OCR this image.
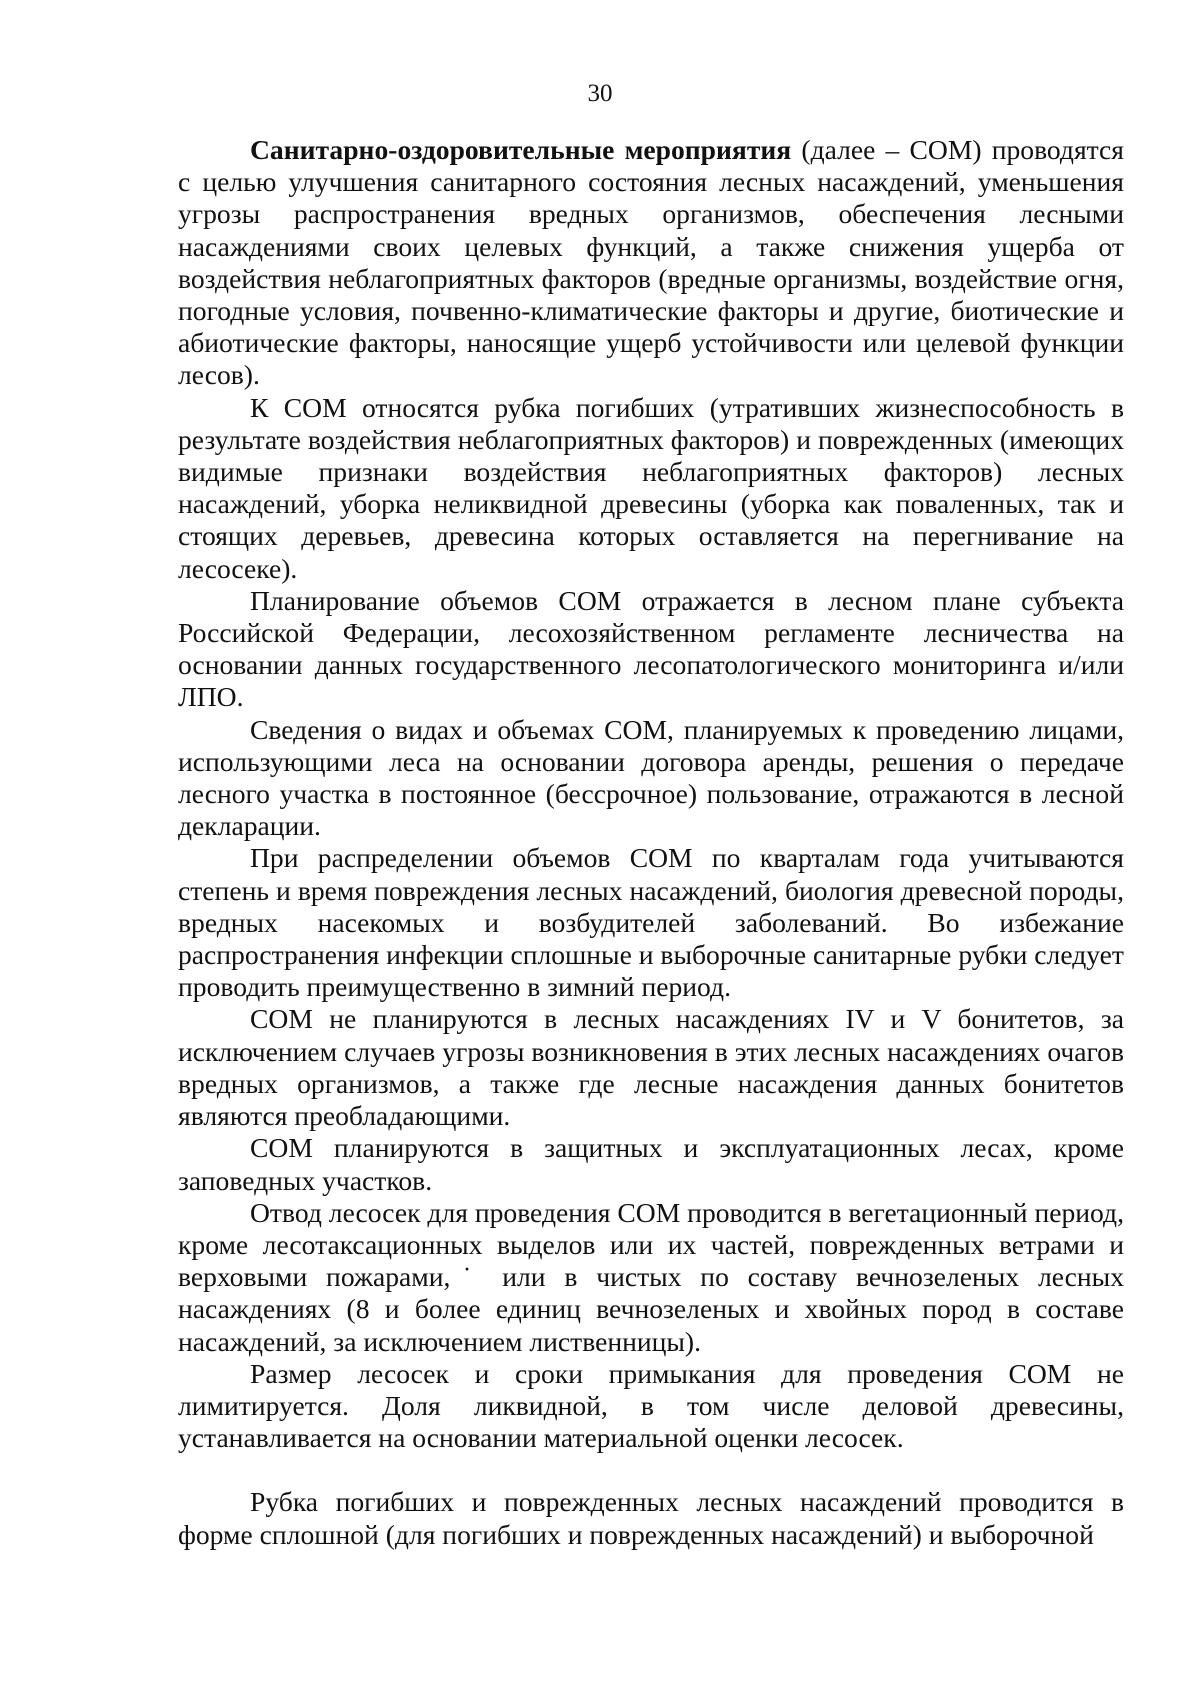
30

Санитарно-оздоровительные мероприятия (далее – СОМ) проводятся с целью улучшения санитарного состояния лесных насаждений, уменьшения угрозы распространения вредных организмов, обеспечения лесными насаждениями своих целевых функций, а также снижения ущерба от воздействия неблагоприятных факторов (вредные организмы, воздействие огня, погодные условия, почвенно-климатические факторы и другие, биотические и абиотические факторы, наносящие ущерб устойчивости или целевой функции лесов).

К СОМ относятся рубка погибших (утративших жизнеспособность в результате воздействия неблагоприятных факторов) и поврежденных (имеющих видимые признаки воздействия неблагоприятных факторов) лесных насаждений, уборка неликвидной древесины (уборка как поваленных, так и стоящих деревьев, древесина которых оставляется на перегнивание на лесосеке).

Планирование объемов СОМ отражается в лесном плане субъекта Российской Федерации, лесохозяйственном регламенте лесничества на основании данных государственного лесопатологического мониторинга и/или ЛПО.

Сведения о видах и объемах СОМ, планируемых к проведению лицами, использующими леса на основании договора аренды, решения о передаче лесного участка в постоянное (бессрочное) пользование, отражаются в лесной декларации.

При распределении объемов СОМ по кварталам года учитываются степень и время повреждения лесных насаждений, биология древесной породы, вредных насекомых и возбудителей заболеваний. Во избежание распространения инфекции сплошные и выборочные санитарные рубки следует проводить преимущественно в зимний период.

СОМ не планируются в лесных насаждениях IV и V бонитетов, за исключением случаев угрозы возникновения в этих лесных насаждениях очагов вредных организмов, а также где лесные насаждения данных бонитетов являются преобладающими.

СОМ планируются в защитных и эксплуатационных лесах, кроме заповедных участков.

Отвод лесосек для проведения СОМ проводится в вегетационный период, кроме лесотаксационных выделов или их частей, поврежденных ветрами и верховыми пожарами,˙ или в чистых по составу вечнозеленых лесных насаждениях (8 и более единиц вечнозеленых и хвойных пород в составе насаждений, за исключением лиственницы).

Размер лесосек и сроки примыкания для проведения СОМ не лимитируется. Доля ликвидной, в том числе деловой древесины, устанавливается на основании материальной оценки лесосек.

Рубка погибших и поврежденных лесных насаждений проводится в форме сплошной (для погибших и поврежденных насаждений) и выборочной
